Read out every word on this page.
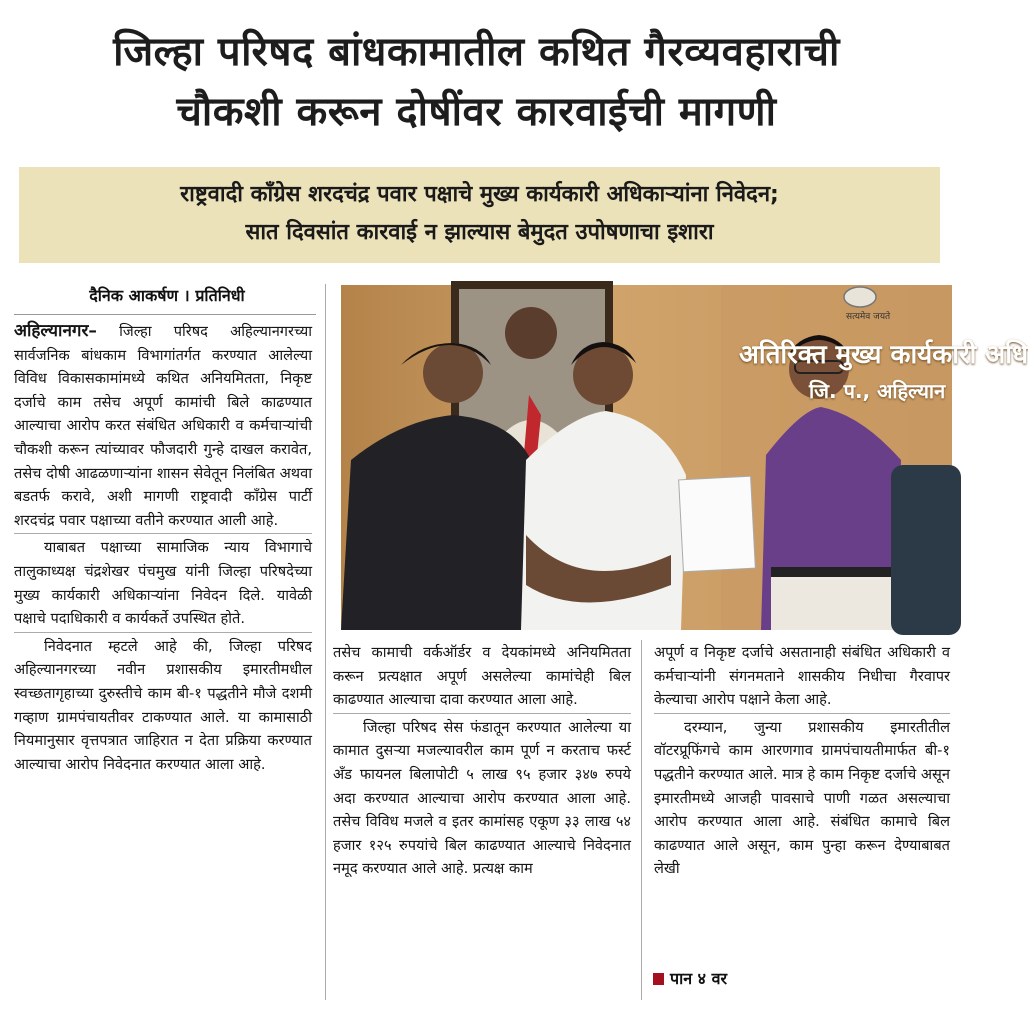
जिल्हा परिषद बांधकामातील कथित गैरव्यवहाराची
चौकशी करून दोषींवर कारवाईची मागणी
राष्ट्रवादी काँग्रेस शरदचंद्र पवार पक्षाचे मुख्य कार्यकारी अधिकाऱ्यांना निवेदन;
सात दिवसांत कारवाई न झाल्यास बेमुदत उपोषणाचा इशारा
दैनिक आकर्षण । प्रतिनिधी

अहिल्यानगर– जिल्हा परिषद अहिल्यानगरच्या सार्वजनिक बांधकाम विभागांतर्गत करण्यात आलेल्या विविध विकासकामांमध्ये कथित अनियमितता, निकृष्ट दर्जाचे काम तसेच अपूर्ण कामांची बिले काढण्यात आल्याचा आरोप करत संबंधित अधिकारी व कर्मचाऱ्यांची चौकशी करून त्यांच्यावर फौजदारी गुन्हे दाखल करावेत, तसेच दोषी आढळणाऱ्यांना शासन सेवेतून निलंबित अथवा बडतर्फ करावे, अशी मागणी राष्ट्रवादी काँग्रेस पार्टी शरदचंद्र पवार पक्षाच्या वतीने करण्यात आली आहे.

याबाबत पक्षाच्या सामाजिक न्याय विभागाचे तालुकाध्यक्ष चंद्रशेखर पंचमुख यांनी जिल्हा परिषदेच्या मुख्य कार्यकारी अधिकाऱ्यांना निवेदन दिले. यावेळी पक्षाचे पदाधिकारी व कार्यकर्ते उपस्थित होते.

निवेदनात म्हटले आहे की, जिल्हा परिषद अहिल्यानगरच्या नवीन प्रशासकीय इमारतीमधील स्वच्छतागृहाच्या दुरुस्तीचे काम बी-१ पद्धतीने मौजे दशमी गव्हाण ग्रामपंचायतीवर टाकण्यात आले. या कामासाठी नियमानुसार वृत्तपत्रात जाहिरात न देता प्रक्रिया करण्यात आल्याचा आरोप निवेदनात करण्यात आला आहे.

सत्यमेव जयते
अतिरिक्त मुख्य कार्यकारी अधि
जि. प., अहिल्यान

तसेच कामाची वर्कऑर्डर व देयकांमध्ये अनियमितता करून प्रत्यक्षात अपूर्ण असलेल्या कामांचेही बिल काढण्यात आल्याचा दावा करण्यात आला आहे.

जिल्हा परिषद सेस फंडातून करण्यात आलेल्या या कामात दुसऱ्या मजल्यावरील काम पूर्ण न करताच फर्स्ट अँड फायनल बिलापोटी ५ लाख ९५ हजार ३४७ रुपये अदा करण्यात आल्याचा आरोप करण्यात आला आहे. तसेच विविध मजले व इतर कामांसह एकूण ३३ लाख ५४ हजार १२५ रुपयांचे बिल काढण्यात आल्याचे निवेदनात नमूद करण्यात आले आहे. प्रत्यक्ष काम

अपूर्ण व निकृष्ट दर्जाचे असतानाही संबंधित अधिकारी व कर्मचाऱ्यांनी संगनमताने शासकीय निधीचा गैरवापर केल्याचा आरोप पक्षाने केला आहे.

दरम्यान, जुन्या प्रशासकीय इमारतीतील वॉटरप्रूफिंगचे काम आरणगाव ग्रामपंचायतीमार्फत बी-१ पद्धतीने करण्यात आले. मात्र हे काम निकृष्ट दर्जाचे असून इमारतीमध्ये आजही पावसाचे पाणी गळत असल्याचा आरोप करण्यात आला आहे. संबंधित कामाचे बिल काढण्यात आले असून, काम पुन्हा करून देण्याबाबत लेखी

पान ४ वर
